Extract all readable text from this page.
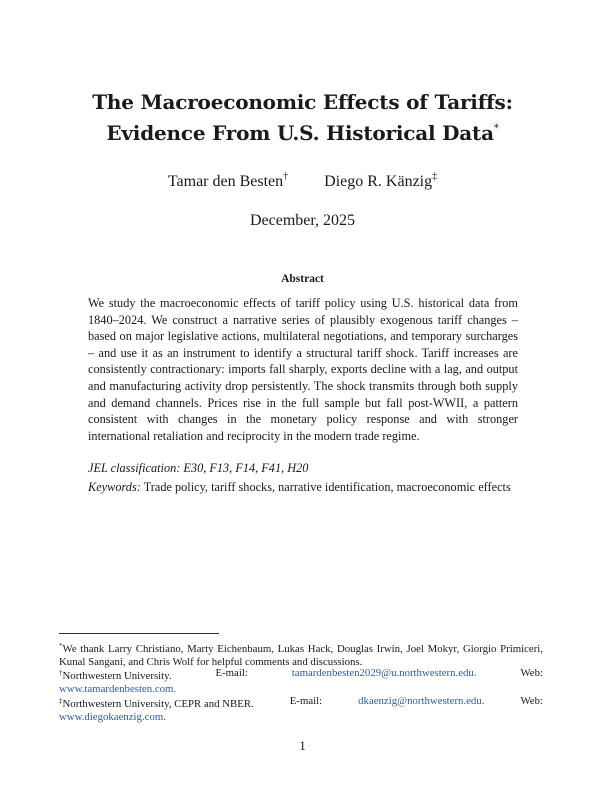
The Macroeconomic Effects of Tariffs:
Evidence From U.S. Historical Data*
Tamar den Besten† Diego R. Känzig‡
December, 2025
Abstract
We study the macroeconomic effects of tariff policy using U.S. historical data from 1840–2024. We construct a narrative series of plausibly exogenous tariff changes – based on major legislative actions, multilateral negotiations, and temporary surcharges – and use it as an instrument to identify a structural tariff shock. Tariff increases are consistently contractionary: imports fall sharply, exports decline with a lag, and output and manufacturing activity drop persistently. The shock transmits through both supply and demand channels. Prices rise in the full sample but fall post-WWII, a pattern consistent with changes in the monetary policy response and with stronger international retaliation and reciprocity in the modern trade regime.
JEL classification: E30, F13, F14, F41, H20
Keywords: Trade policy, tariff shocks, narrative identification, macroeconomic effects
*We thank Larry Christiano, Marty Eichenbaum, Lukas Hack, Douglas Irwin, Joel Mokyr, Giorgio Primiceri, Kunal Sangani, and Chris Wolf for helpful comments and discussions.
†Northwestern University.	E-mail:	tamardenbesten2029@u.northwestern.edu.	Web:
www.tamardenbesten.com.
‡Northwestern University, CEPR and NBER.	E-mail:	dkaenzig@northwestern.edu.	Web:
www.diegokaenzig.com.
1
